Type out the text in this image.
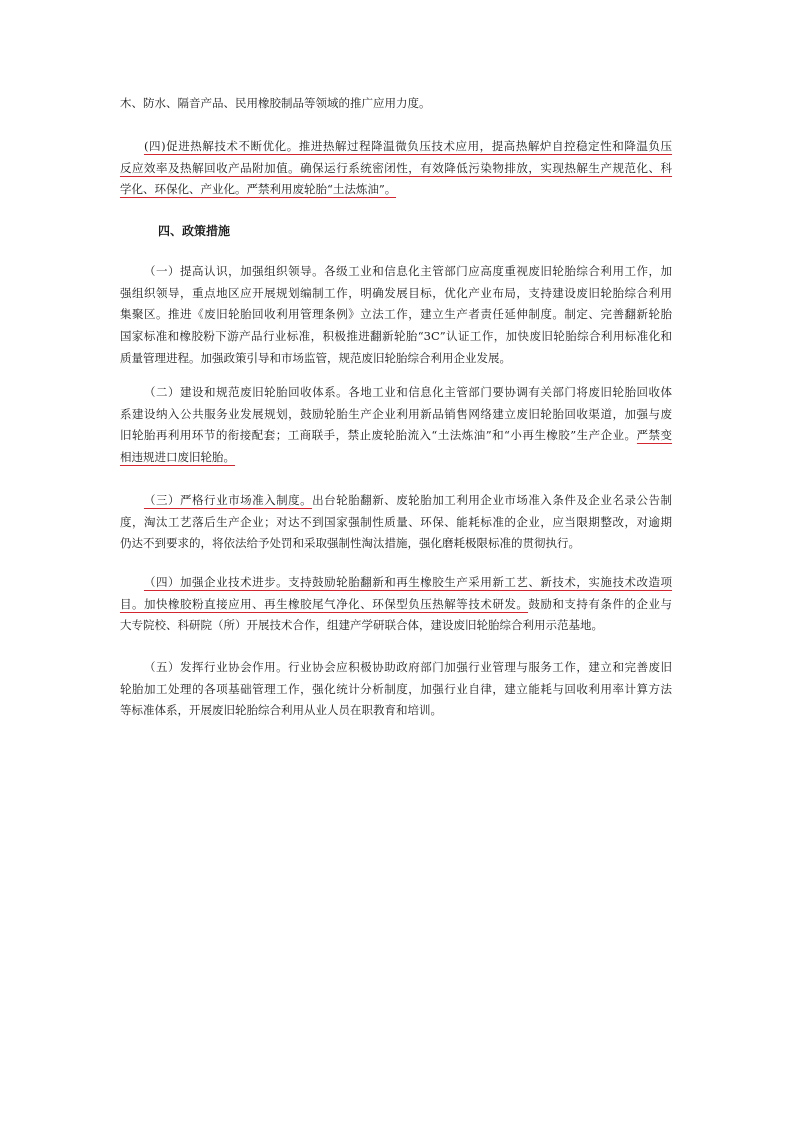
木、防水、隔音产品、民用橡胶制品等领域的推广应用力度。
(四)促进热解技术不断优化。推进热解过程降温微负压技术应用，提高热解炉自控稳定性和降温负压
反应效率及热解回收产品附加值。确保运行系统密闭性，有效降低污染物排放，实现热解生产规范化、科
学化、环保化、产业化。严禁利用废轮胎“土法炼油”。
四、政策措施
（一）提高认识，加强组织领导。各级工业和信息化主管部门应高度重视废旧轮胎综合利用工作，加
强组织领导，重点地区应开展规划编制工作，明确发展目标，优化产业布局，支持建设废旧轮胎综合利用
集聚区。推进《废旧轮胎回收利用管理条例》立法工作，建立生产者责任延伸制度。制定、完善翻新轮胎
国家标准和橡胶粉下游产品行业标准，积极推进翻新轮胎“3C”认证工作，加快废旧轮胎综合利用标准化和
质量管理进程。加强政策引导和市场监管，规范废旧轮胎综合利用企业发展。
（二）建设和规范废旧轮胎回收体系。各地工业和信息化主管部门要协调有关部门将废旧轮胎回收体
系建设纳入公共服务业发展规划，鼓励轮胎生产企业利用新品销售网络建立废旧轮胎回收渠道，加强与废
旧轮胎再利用环节的衔接配套；工商联手，禁止废轮胎流入“土法炼油”和“小再生橡胶”生产企业。严禁变
相违规进口废旧轮胎。
（三）严格行业市场准入制度。出台轮胎翻新、废轮胎加工利用企业市场准入条件及企业名录公告制
度，淘汰工艺落后生产企业；对达不到国家强制性质量、环保、能耗标准的企业，应当限期整改，对逾期
仍达不到要求的，将依法给予处罚和采取强制性淘汰措施，强化磨耗极限标准的贯彻执行。
（四）加强企业技术进步。支持鼓励轮胎翻新和再生橡胶生产采用新工艺、新技术，实施技术改造项
目。加快橡胶粉直接应用、再生橡胶尾气净化、环保型负压热解等技术研发。鼓励和支持有条件的企业与
大专院校、科研院（所）开展技术合作，组建产学研联合体，建设废旧轮胎综合利用示范基地。
（五）发挥行业协会作用。行业协会应积极协助政府部门加强行业管理与服务工作，建立和完善废旧
轮胎加工处理的各项基础管理工作，强化统计分析制度，加强行业自律，建立能耗与回收利用率计算方法
等标准体系，开展废旧轮胎综合利用从业人员在职教育和培训。
